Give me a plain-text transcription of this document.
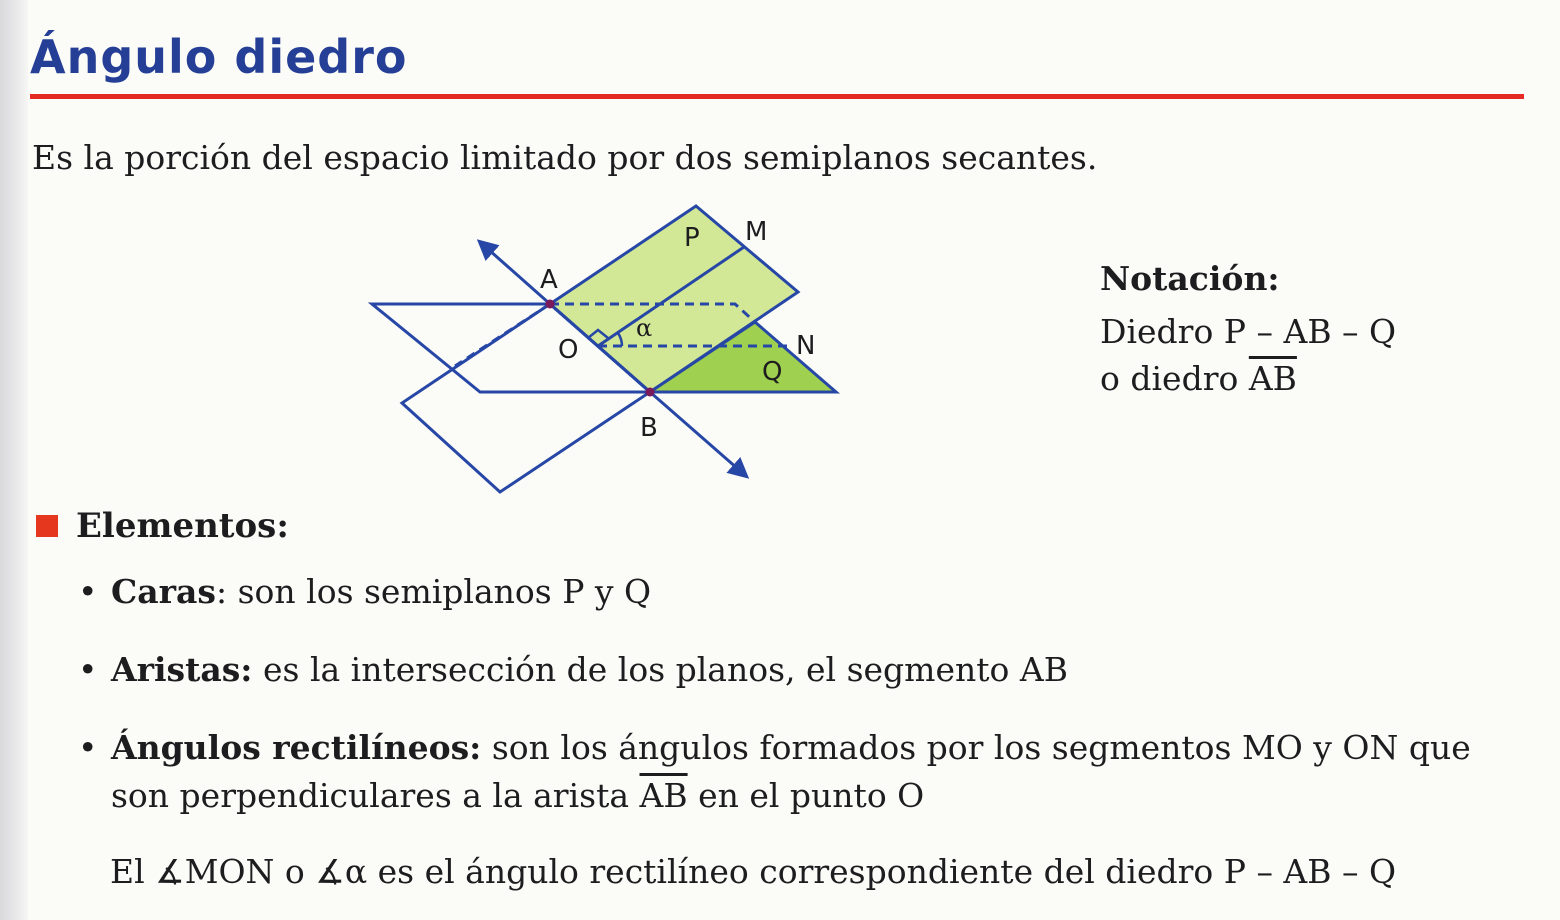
Ángulo diedro

Es la porción del espacio limitado por dos semiplanos secantes.

P M
A
O
α
N
Q
B
Notación:
Diedro P – AB – Q
o diedro $\overline{AB}$
Elementos:
• Caras: son los semiplanos P y Q
• Aristas: es la intersección de los planos, el segmento AB
• Ángulos rectilíneos: son los ángulos formados por los segmentos MO y ON que son perpendiculares a la arista $\overline{AB}$ en el punto O
El ∡MON o ∡α es el ángulo rectilíneo correspondiente del diedro P – AB – Q
